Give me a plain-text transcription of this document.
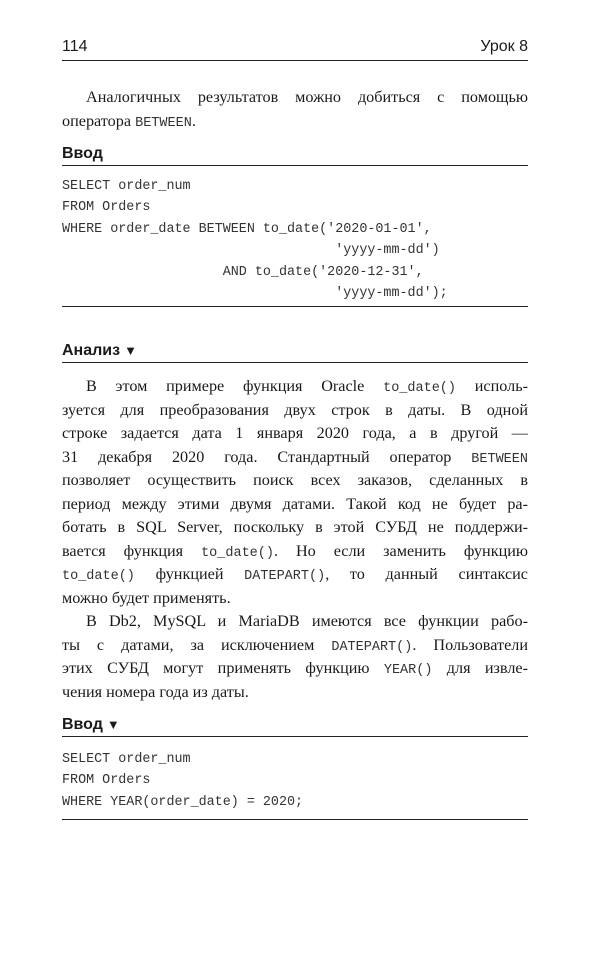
114	Урок 8
Аналогичных результатов можно добиться с помощью
оператора BETWEEN.
Ввод
SELECT order_num
FROM Orders
WHERE order_date BETWEEN to_date('2020-01-01',
'yyyy-mm-dd')
AND to_date('2020-12-31',
'yyyy-mm-dd');
Анализ ▼
В этом примере функция Oracle to_date() исполь-
зуется для преобразования двух строк в даты. В одной
строке задается дата 1 января 2020 года, а в другой —
31 декабря 2020 года. Стандартный оператор BETWEEN
позволяет осуществить поиск всех заказов, сделанных в
период между этими двумя датами. Такой код не будет ра-
ботать в SQL Server, поскольку в этой СУБД не поддержи-
вается функция to_date(). Но если заменить функцию
to_date() функцией DATEPART(), то данный синтаксис
можно будет применять.
В Db2, MySQL и MariaDB имеются все функции рабо-
ты с датами, за исключением DATEPART(). Пользователи
этих СУБД могут применять функцию YEAR() для извле-
чения номера года из даты.
Ввод ▼
SELECT order_num
FROM Orders
WHERE YEAR(order_date) = 2020;
